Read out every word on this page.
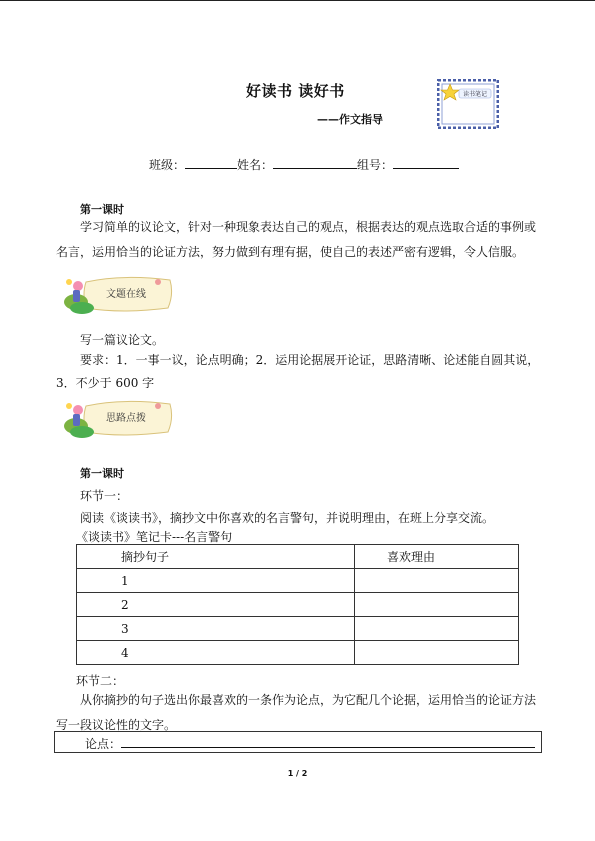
好读书 读好书
——作文指导
读书笔记
班级：	姓名：	组号：
第一课时
学习简单的议论文，针对一种现象表达自己的观点，根据表达的观点选取合适的事例或名言，运用恰当的论证方法，努力做到有理有据，使自己的表述严密有逻辑，令人信服。
文题在线
写一篇议论文。
要求：1．一事一议，论点明确；2．运用论据展开论证，思路清晰、论述能自圆其说，
3．不少于 600 字
思路点拨
第一课时
环节一：
阅读《谈读书》，摘抄文中你喜欢的名言警句，并说明理由，在班上分享交流。
《谈读书》笔记卡---名言警句
摘抄句子	喜欢理由
1	
2	
3	
4	
环节二：
从你摘抄的句子选出你最喜欢的一条作为论点，为它配几个论据，运用恰当的论证方法写一段议论性的文字。
论点：
1 / 2
